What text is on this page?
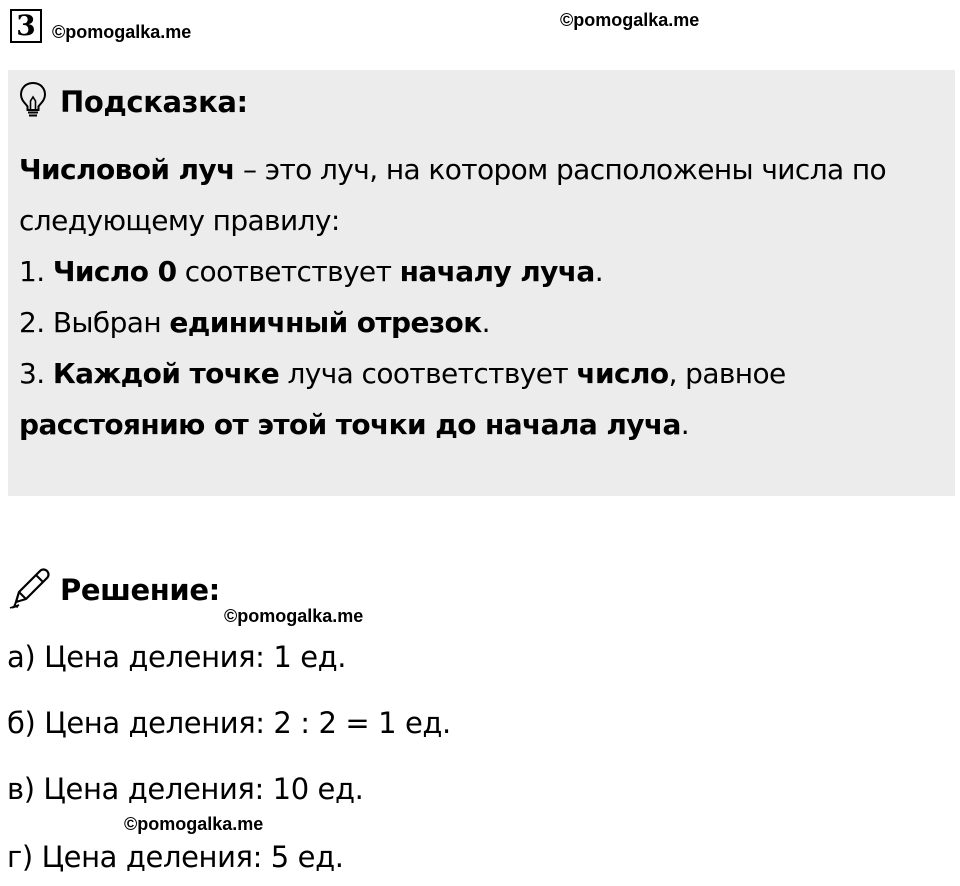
3 ©pomogalka.me
©pomogalka.me
Подсказка:
Числовой луч – это луч, на котором расположены числа по
следующему правилу:
1. Число 0 соответствует началу луча.
2. Выбран единичный отрезок.
3. Каждой точке луча соответствует число, равное
расстоянию от этой точки до начала луча.
Решение:
©pomogalka.me
а) Цена деления: 1 ед.
б) Цена деления: 2 : 2 = 1 ед.
в) Цена деления: 10 ед.
©pomogalka.me
г) Цена деления: 5 ед.
